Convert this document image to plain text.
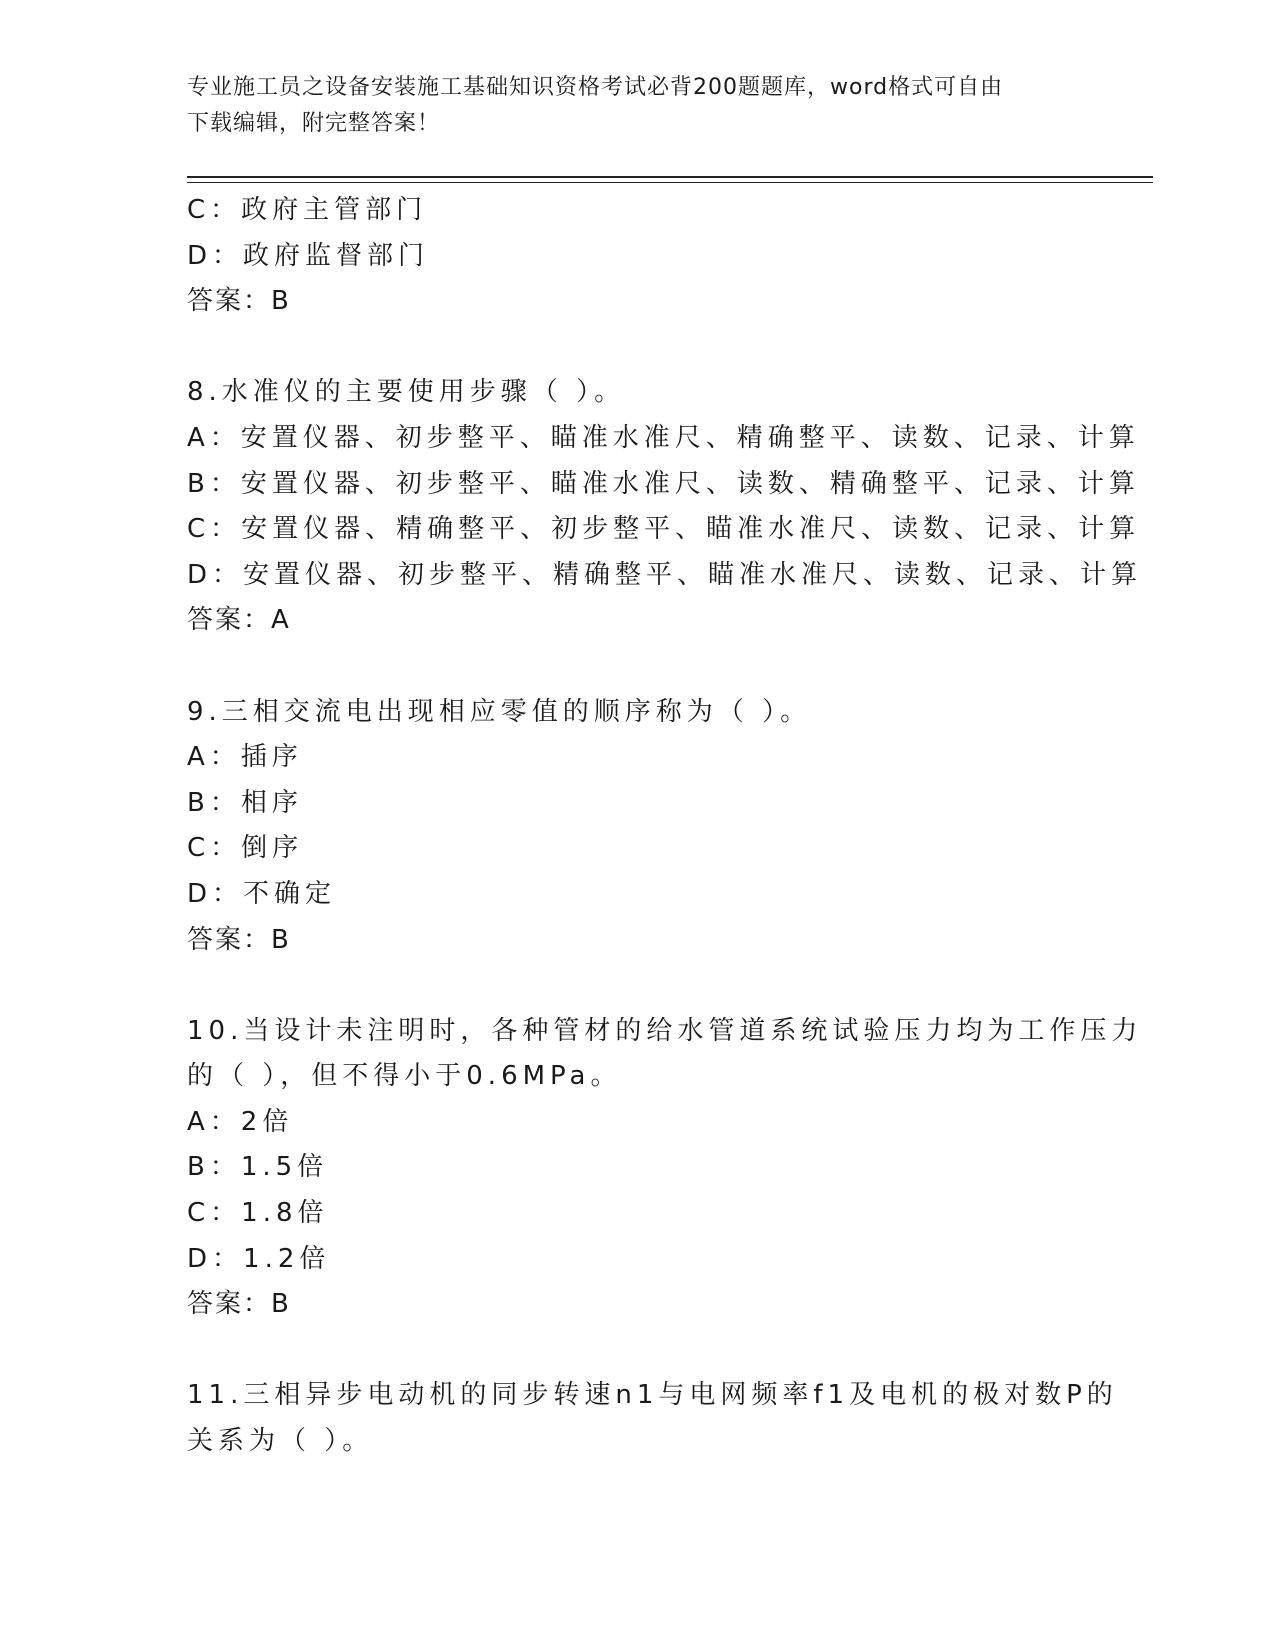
专业施工员之设备安装施工基础知识资格考试必背200题题库，word格式可自由
下载编辑，附完整答案！
C：政府主管部门
D：政府监督部门
答案：B
8.水准仪的主要使用步骤（ ）。
A：安置仪器、初步整平、瞄准水准尺、精确整平、读数、记录、计算
B：安置仪器、初步整平、瞄准水准尺、读数、精确整平、记录、计算
C：安置仪器、精确整平、初步整平、瞄准水准尺、读数、记录、计算
D：安置仪器、初步整平、精确整平、瞄准水准尺、读数、记录、计算
答案：A
9.三相交流电出现相应零值的顺序称为（ ）。
A：插序
B：相序
C：倒序
D：不确定
答案：B
10.当设计未注明时，各种管材的给水管道系统试验压力均为工作压力
的（ ），但不得小于0.6MPa。
A：2倍
B：1.5倍
C：1.8倍
D：1.2倍
答案：B
11.三相异步电动机的同步转速n1与电网频率f1及电机的极对数P的
关系为（ ）。
